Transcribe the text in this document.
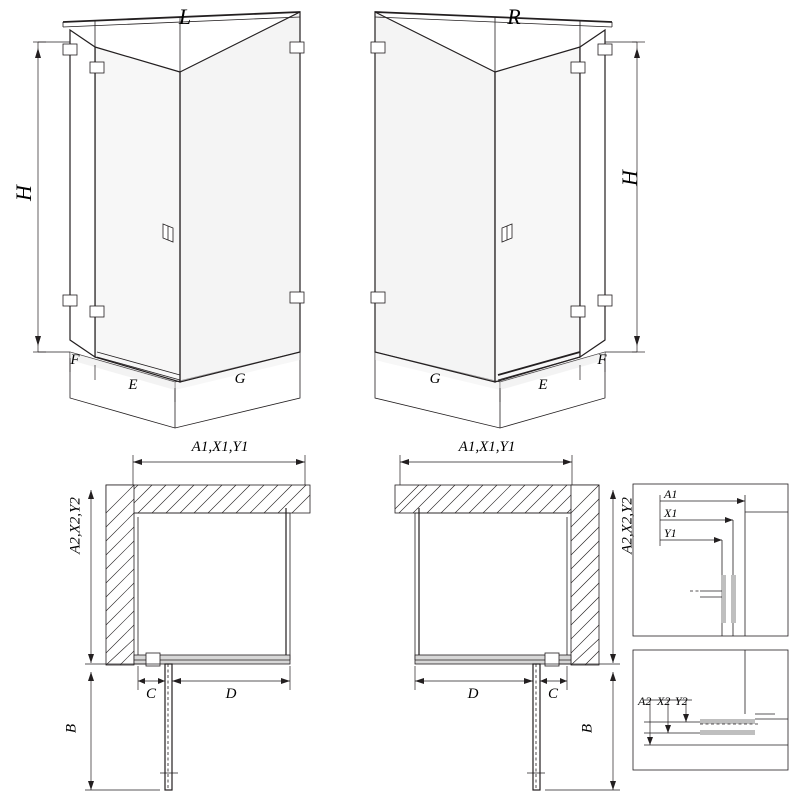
L	R
H
H
F
E	G	G	E
F
A1,X1,Y1
A2,X2,Y2
C	D
B
A1,X1,Y1
A2,X2,Y2
D	C
B
A1
X1
Y1
A2 X2 Y2
